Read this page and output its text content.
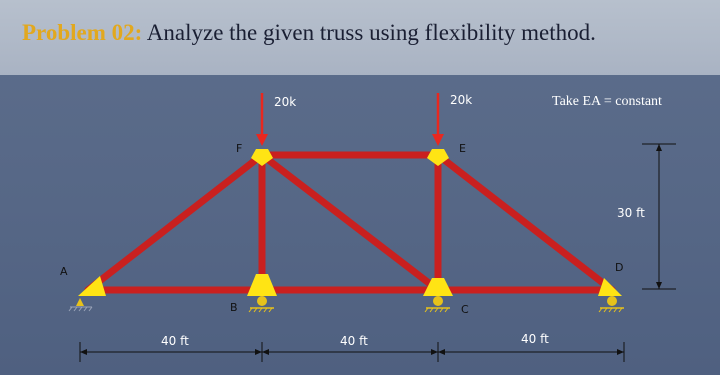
Problem 02: Analyze the given truss using flexibility method.
20k	20k	Take EA = constant
A
F
B
E
C
D
40 ft	40 ft	40 ft
30 ft
